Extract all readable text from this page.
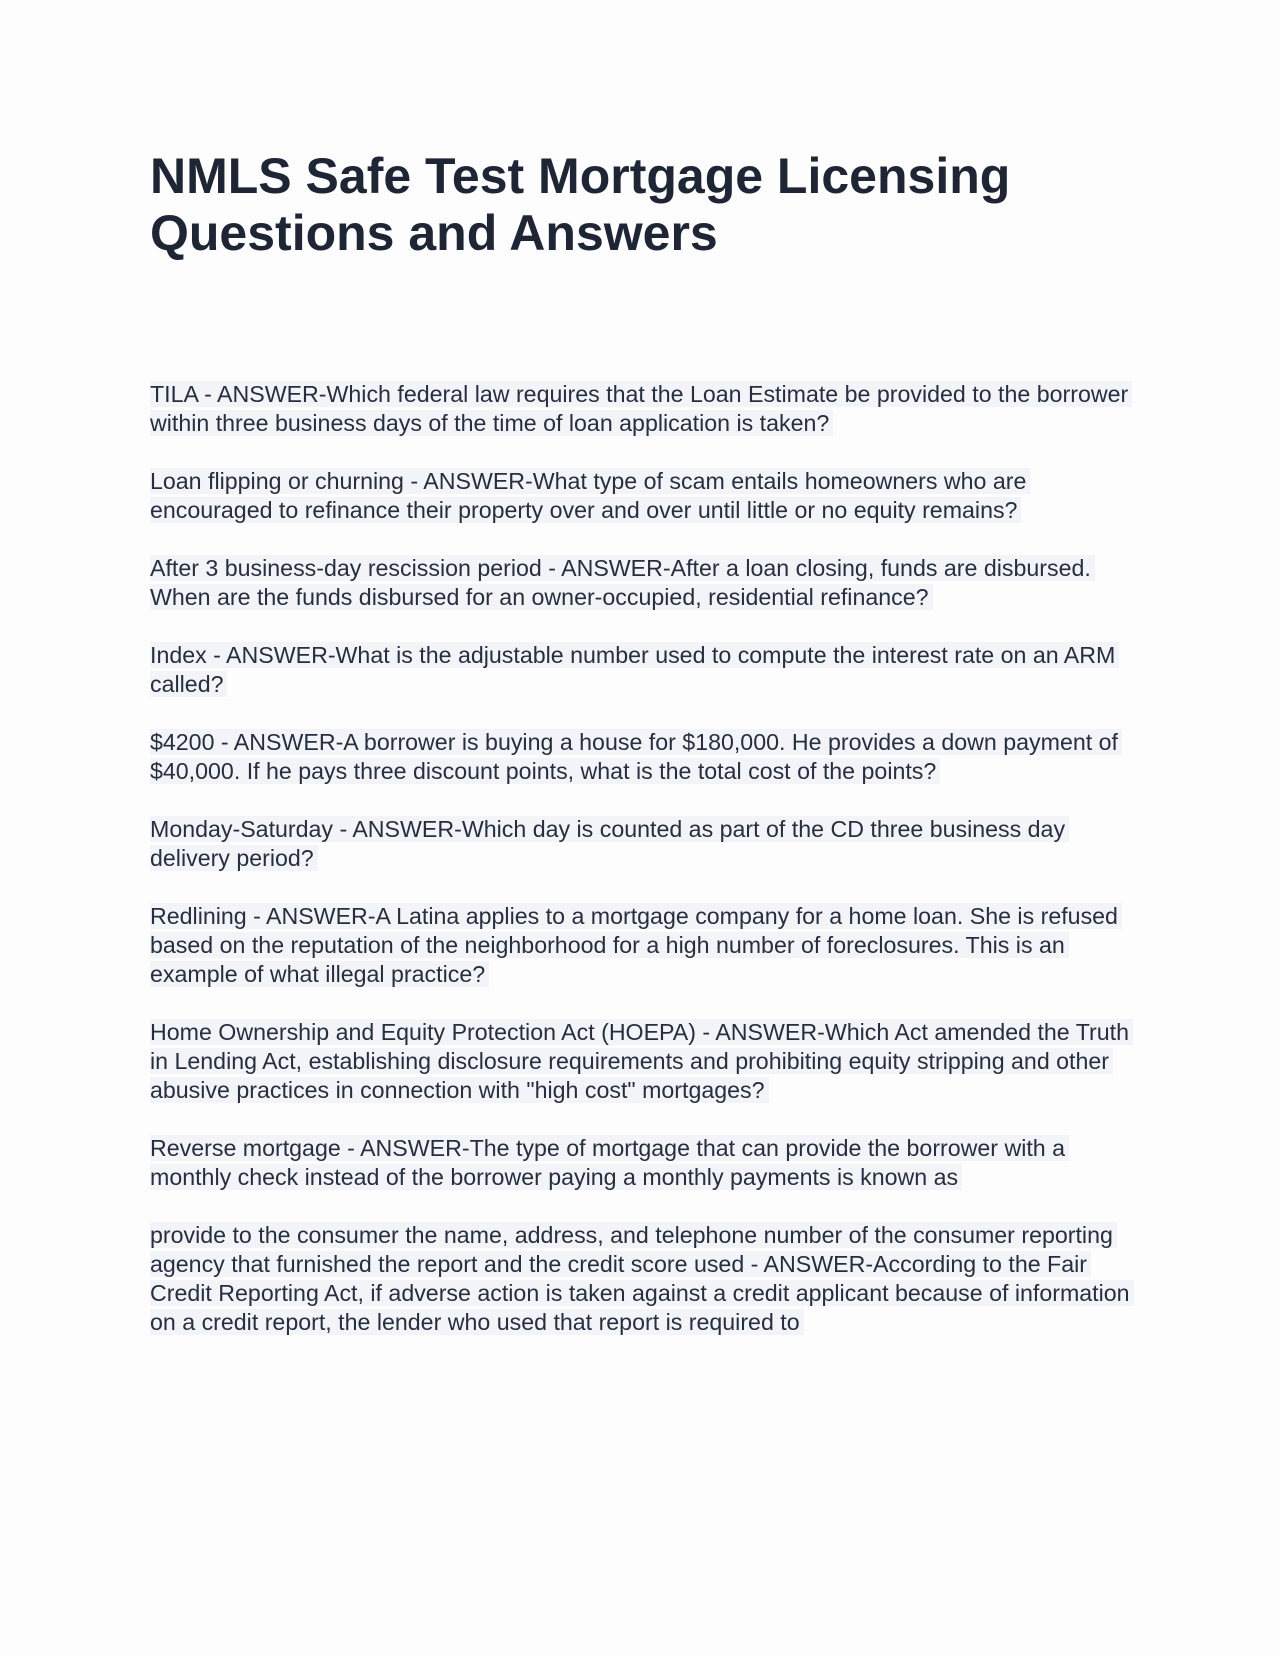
NMLS Safe Test Mortgage Licensing Questions and Answers

TILA - ANSWER-Which federal law requires that the Loan Estimate be provided to the borrower within three business days of the time of loan application is taken?

Loan flipping or churning - ANSWER-What type of scam entails homeowners who are encouraged to refinance their property over and over until little or no equity remains?

After 3 business-day rescission period - ANSWER-After a loan closing, funds are disbursed. When are the funds disbursed for an owner-occupied, residential refinance?

Index - ANSWER-What is the adjustable number used to compute the interest rate on an ARM called?

$4200 - ANSWER-A borrower is buying a house for $180,000. He provides a down payment of $40,000. If he pays three discount points, what is the total cost of the points?

Monday-Saturday - ANSWER-Which day is counted as part of the CD three business day delivery period?

Redlining - ANSWER-A Latina applies to a mortgage company for a home loan. She is refused based on the reputation of the neighborhood for a high number of foreclosures. This is an example of what illegal practice?

Home Ownership and Equity Protection Act (HOEPA) - ANSWER-Which Act amended the Truth in Lending Act, establishing disclosure requirements and prohibiting equity stripping and other abusive practices in connection with "high cost" mortgages?

Reverse mortgage - ANSWER-The type of mortgage that can provide the borrower with a monthly check instead of the borrower paying a monthly payments is known as

provide to the consumer the name, address, and telephone number of the consumer reporting agency that furnished the report and the credit score used - ANSWER-According to the Fair Credit Reporting Act, if adverse action is taken against a credit applicant because of information on a credit report, the lender who used that report is required to
